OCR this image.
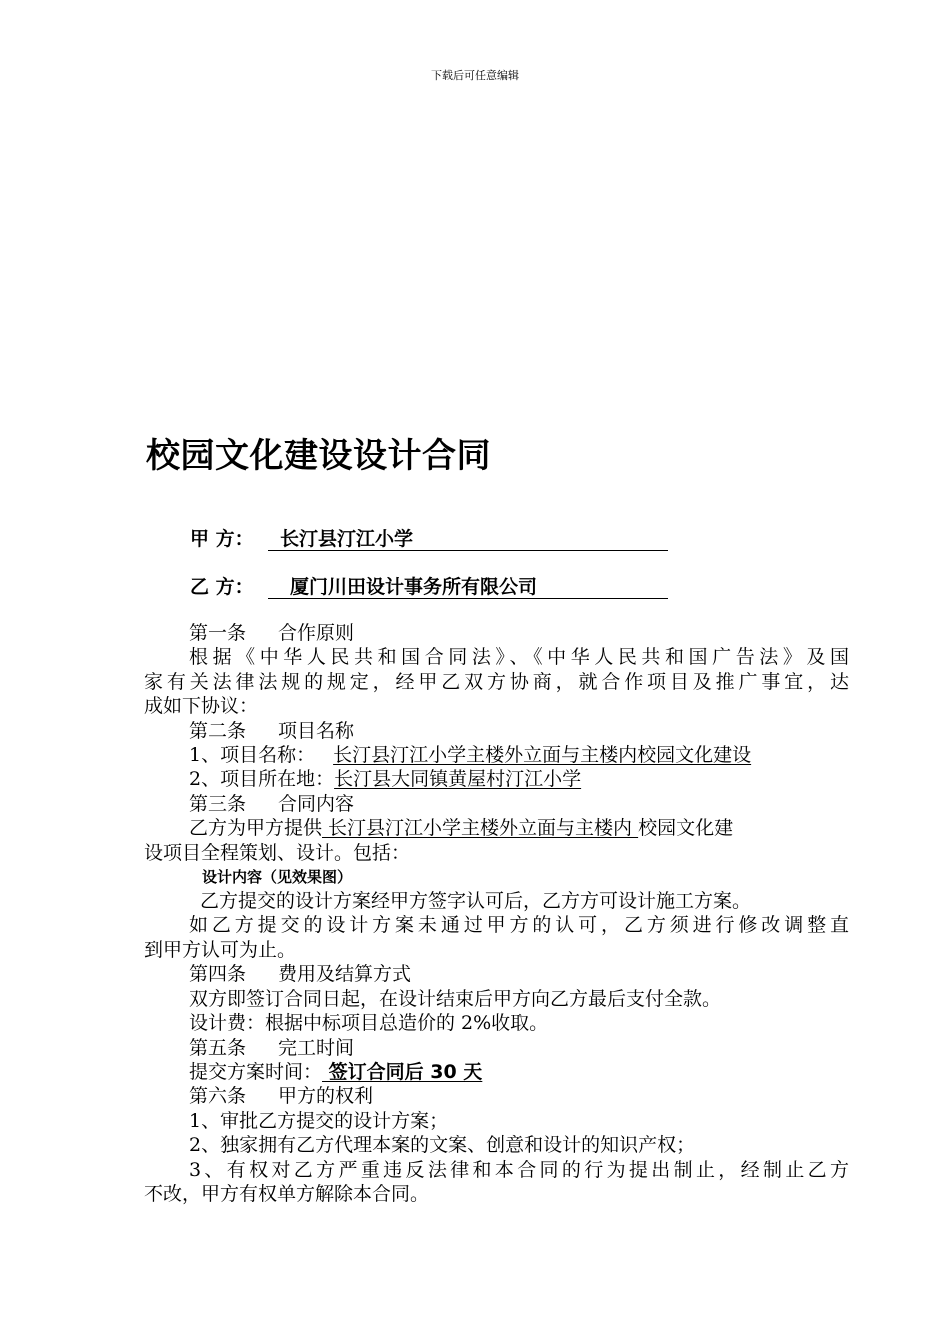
下载后可任意编辑
校园文化建设设计合同
甲 方： 长汀县汀江小学
乙 方： 厦门川田设计事务所有限公司
第一条 合作原则
根据《中华人民共和国合同法》、《中华人民共和国广告法》及国
家有关法律法规的规定，经甲乙双方协商，就合作项目及推广事宜，达
成如下协议：
第二条 项目名称
1、项目名称： 长汀县汀江小学主楼外立面与主楼内校园文化建设
2、项目所在地：长汀县大同镇黄屋村汀江小学
第三条 合同内容
乙方为甲方提供 长汀县汀江小学主楼外立面与主楼内 校园文化建
设项目全程策划、设计。包括：
设计内容（见效果图）
乙方提交的设计方案经甲方签字认可后，乙方方可设计施工方案。
如乙方提交的设计方案未通过甲方的认可，乙方须进行修改调整直
到甲方认可为止。
第四条 费用及结算方式
双方即签订合同日起，在设计结束后甲方向乙方最后支付全款。
设计费：根据中标项目总造价的 2%收取。
第五条 完工时间
提交方案时间： 签订合同后 30 天
第六条 甲方的权利
1、审批乙方提交的设计方案；
2、独家拥有乙方代理本案的文案、创意和设计的知识产权；
3、有权对乙方严重违反法律和本合同的行为提出制止，经制止乙方
不改，甲方有权单方解除本合同。
